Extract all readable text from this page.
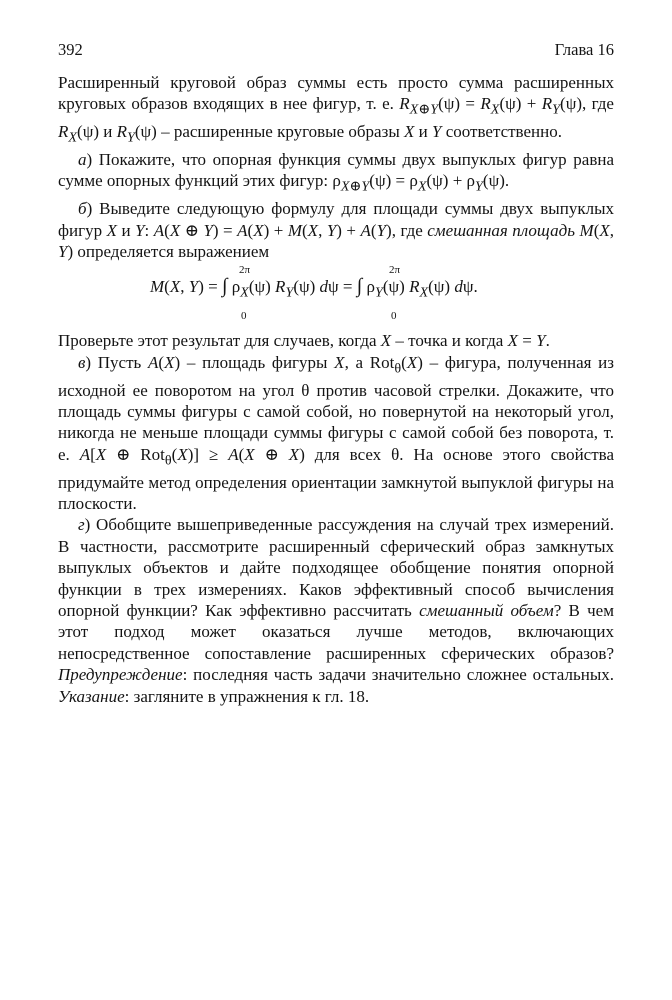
392	Глава 16

Расширенный круговой образ суммы есть просто сумма расширенных круговых образов входящих в нее фигур, т. е. $R_{X\oplus Y}(\psi) = R_X(\psi) + R_Y(\psi)$, где $R_X(\psi)$ и $R_Y(\psi)$ – расширенные круговые образы X и Y соответственно.

а) Покажите, что опорная функция суммы двух выпуклых фигур равна сумме опорных функций этих фигур: $\rho_{X\oplus Y}(\psi) = \rho_X(\psi) + \rho_Y(\psi)$.

б) Выведите следующую формулу для площади суммы двух выпуклых фигур X и Y: A(X ⊕ Y) = A(X) + M(X, Y) + A(Y), где смешанная площадь M(X, Y) определяется выражением

M(X, Y) = ∫ $\rho_X(\psi)$ $R_Y(\psi) d\psi$ = ∫ $\rho_Y(\psi)$ $R_X(\psi)$ dψ.
2π
0
2π
0

Проверьте этот результат для случаев, когда X – точка и когда X = Y.

в) Пусть A(X) – площадь фигуры X, а Rot$_\theta$(X) – фигура, полученная из исходной ее поворотом на угол θ против часовой стрелки. Докажите, что площадь суммы фигуры с самой собой, но повернутой на некоторый угол, никогда не меньше площади суммы фигуры с самой собой без поворота, т. е. A[X ⊕ Rot$_\theta$(X)] ≥ A(X ⊕ X) для всех θ. На основе этого свойства придумайте метод определения ориентации замкнутой выпуклой фигуры на плоскости.

г) Обобщите вышеприведенные рассуждения на случай трех измерений. В частности, рассмотрите расширенный сферический образ замкнутых выпуклых объектов и дайте подходящее обобщение понятия опорной функции в трех измерениях. Каков эффективный способ вычисления опорной функции? Как эффективно рассчитать смешанный объем? В чем этот подход может оказаться лучше методов, включающих непосредственное сопоставление расширенных сферических образов? Предупреждение: последняя часть задачи значительно сложнее остальных. Указание: загляните в упражнения к гл. 18.
